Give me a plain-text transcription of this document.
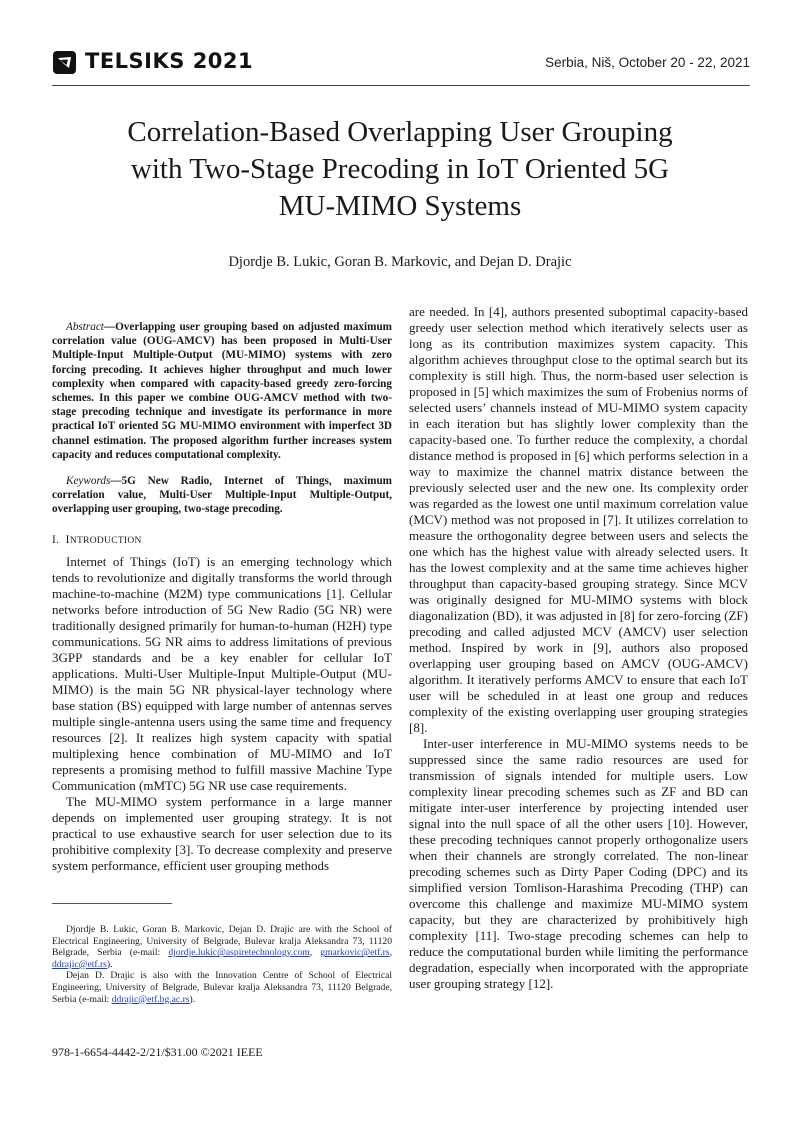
TELSIKS 2021	Serbia, Niš, October 20 - 22, 2021
Correlation-Based Overlapping User Grouping
with Two-Stage Precoding in IoT Oriented 5G
MU-MIMO Systems
Djordje B. Lukic, Goran B. Markovic, and Dejan D. Drajic

Abstract—Overlapping user grouping based on adjusted maximum correlation value (OUG-AMCV) has been proposed in Multi-User Multiple-Input Multiple-Output (MU-MIMO) systems with zero forcing precoding. It achieves higher throughput and much lower complexity when compared with capacity-based greedy zero-forcing schemes. In this paper we combine OUG-AMCV method with two-stage precoding technique and investigate its performance in more practical IoT oriented 5G MU-MIMO environment with imperfect 3D channel estimation. The proposed algorithm further increases system capacity and reduces computational complexity.

Keywords—5G New Radio, Internet of Things, maximum correlation value, Multi-User Multiple-Input Multiple-Output, overlapping user grouping, two-stage precoding.

I. INTRODUCTION

Internet of Things (IoT) is an emerging technology which tends to revolutionize and digitally transforms the world through machine-to-machine (M2M) type communications [1]. Cellular networks before introduction of 5G New Radio (5G NR) were traditionally designed primarily for human-to-human (H2H) type communications. 5G NR aims to address limitations of previous 3GPP standards and be a key enabler for cellular IoT applications. Multi-User Multiple-Input Multiple-Output (MU-MIMO) is the main 5G NR physical-layer technology where base station (BS) equipped with large number of antennas serves multiple single-antenna users using the same time and frequency resources [2]. It realizes high system capacity with spatial multiplexing hence combination of MU-MIMO and IoT represents a promising method to fulfill massive Machine Type Communication (mMTC) 5G NR use case requirements.

The MU-MIMO system performance in a large manner depends on implemented user grouping strategy. It is not practical to use exhaustive search for user selection due to its prohibitive complexity [3]. To decrease complexity and preserve system performance, efficient user grouping methods

are needed. In [4], authors presented suboptimal capacity-based greedy user selection method which iteratively selects user as long as its contribution maximizes system capacity. This algorithm achieves throughput close to the optimal search but its complexity is still high. Thus, the norm-based user selection is proposed in [5] which maximizes the sum of Frobenius norms of selected users’ channels instead of MU-MIMO system capacity in each iteration but has slightly lower complexity than the capacity-based one. To further reduce the complexity, a chordal distance method is proposed in [6] which performs selection in a way to maximize the channel matrix distance between the previously selected user and the new one. Its complexity order was regarded as the lowest one until maximum correlation value (MCV) method was not proposed in [7]. It utilizes correlation to measure the orthogonality degree between users and selects the one which has the highest value with already selected users. It has the lowest complexity and at the same time achieves higher throughput than capacity-based grouping strategy. Since MCV was originally designed for MU-MIMO systems with block diagonalization (BD), it was adjusted in [8] for zero-forcing (ZF) precoding and called adjusted MCV (AMCV) user selection method. Inspired by work in [9], authors also proposed overlapping user grouping based on AMCV (OUG-AMCV) algorithm. It iteratively performs AMCV to ensure that each IoT user will be scheduled in at least one group and reduces complexity of the existing overlapping user grouping strategies [8].

Inter-user interference in MU-MIMO systems needs to be suppressed since the same radio resources are used for transmission of signals intended for multiple users. Low complexity linear precoding schemes such as ZF and BD can mitigate inter-user interference by projecting intended user signal into the null space of all the other users [10]. However, these precoding techniques cannot properly orthogonalize users when their channels are strongly correlated. The non-linear precoding schemes such as Dirty Paper Coding (DPC) and its simplified version Tomlison-Harashima Precoding (THP) can overcome this challenge and maximize MU-MIMO system capacity, but they are characterized by prohibitively high complexity [11]. Two-stage precoding schemes can help to reduce the computational burden while limiting the performance degradation, especially when incorporated with the appropriate user grouping strategy [12].

Djordje B. Lukic, Goran B. Markovic, Dejan D. Drajic are with the School of Electrical Engineering, University of Belgrade, Bulevar kralja Aleksandra 73, 11120 Belgrade, Serbia (e-mail: djordje.lukic@aspiretechnology.com, gmarkovic@etf.rs, ddrajic@etf.rs).

Dejan D. Drajic is also with the Innovation Centre of School of Electrical Engineering, University of Belgrade, Bulevar kralja Aleksandra 73, 11120 Belgrade, Serbia (e-mail: ddrajic@etf.bg.ac.rs).

978-1-6654-4442-2/21/$31.00 ©2021 IEEE
